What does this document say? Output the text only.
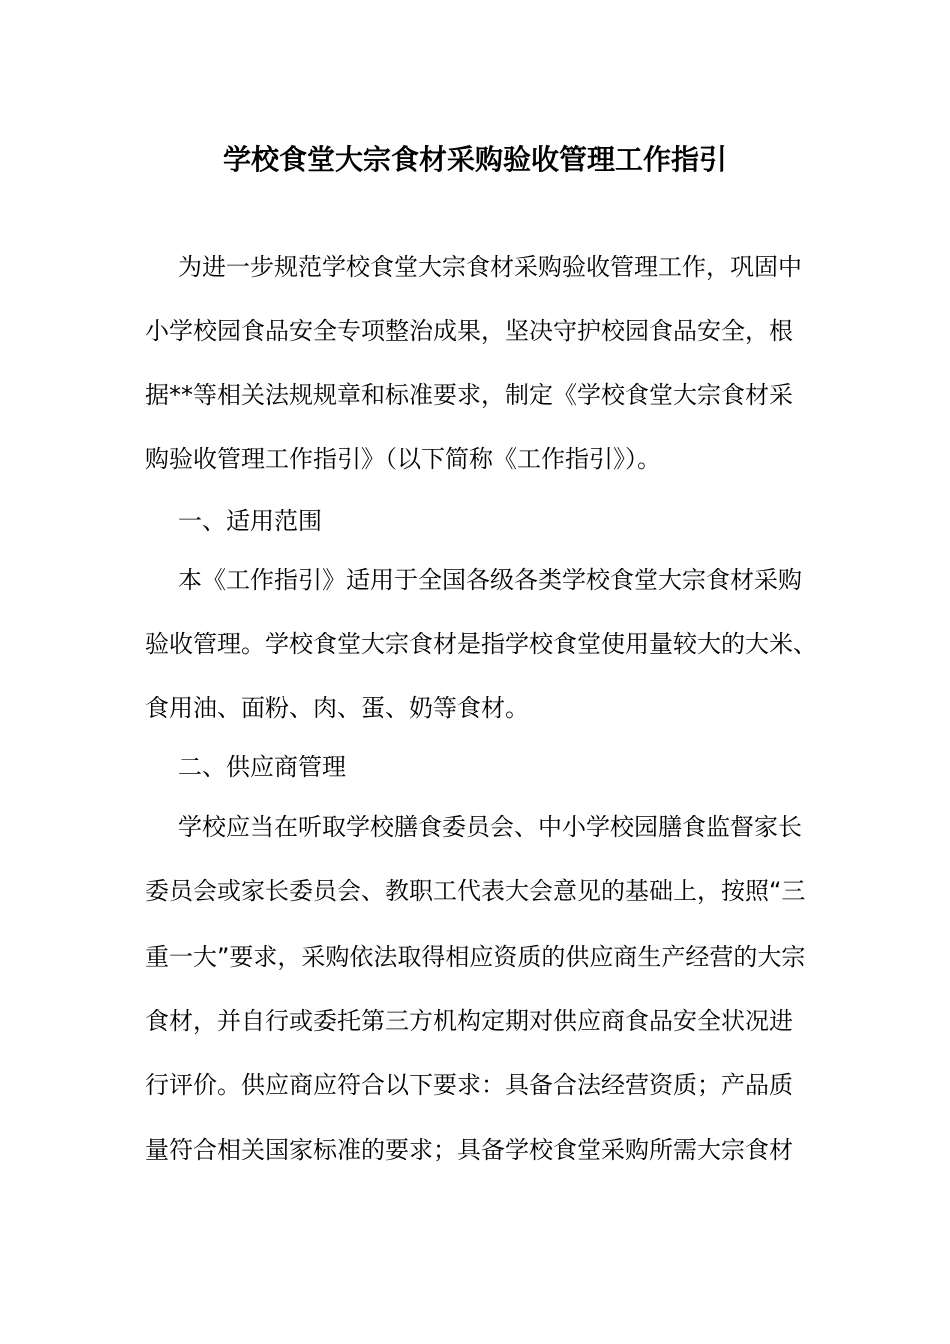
学校食堂大宗食材采购验收管理工作指引
为进一步规范学校食堂大宗食材采购验收管理工作，巩固中
小学校园食品安全专项整治成果，坚决守护校园食品安全，根
据**等相关法规规章和标准要求，制定《学校食堂大宗食材采
购验收管理工作指引》（以下简称《工作指引》）。
一、适用范围
本《工作指引》适用于全国各级各类学校食堂大宗食材采购
验收管理。学校食堂大宗食材是指学校食堂使用量较大的大米、
食用油、面粉、肉、蛋、奶等食材。
二、供应商管理
学校应当在听取学校膳食委员会、中小学校园膳食监督家长
委员会或家长委员会、教职工代表大会意见的基础上，按照“三
重一大”要求，采购依法取得相应资质的供应商生产经营的大宗
食材，并自行或委托第三方机构定期对供应商食品安全状况进
行评价。供应商应符合以下要求：具备合法经营资质；产品质
量符合相关国家标准的要求；具备学校食堂采购所需大宗食材
